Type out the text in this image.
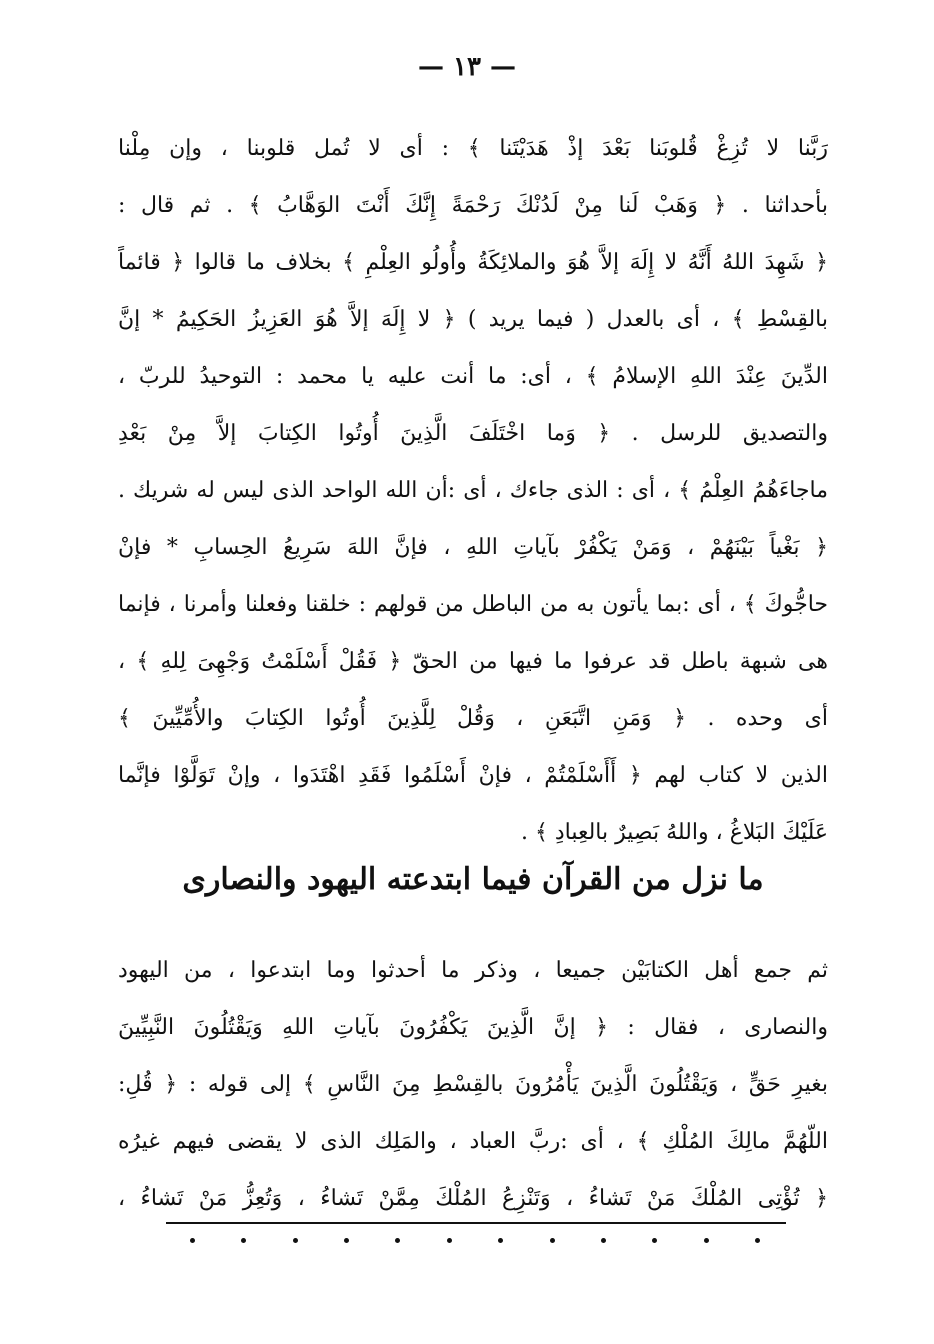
— ١٣ —
رَبَّنا لا تُزِغْ قُلوبَنا بَعْدَ إذْ هَدَيْتَنا ﴾ : أى لا تُمل قلوبنا ، وإن مِلْنا
بأحداثنا . ﴿ وَهَبْ لَنا مِنْ لَدُنْكَ رَحْمَةً إِنَّكَ أَنْتَ الوَهَّابُ ﴾ . ثم قال :
﴿ شَهِدَ اللهُ أَنَّهُ لا إِلَهَ إلاَّ هُوَ والملائِكَةُ وأُولُو العِلْمِ ﴾ بخلاف ما قالوا ﴿ قائماً
بالقِسْطِ ﴾ ، أى بالعدل ( فيما يريد ) ﴿ لا إِلَهَ إلاَّ هُوَ العَزِيزُ الحَكِيمُ * إنَّ
الدِّينَ عِنْدَ اللهِ الإسلامُ ﴾ ، أى: ما أنت عليه يا محمد : التوحيدُ للربّ ،
والتصديق للرسل . ﴿ وَما اخْتَلَفَ الَّذِينَ أُوتُوا الكِتابَ إلاَّ مِنْ بَعْدِ
ماجاءَهُمُ العِلْمُ ﴾ ، أى : الذى جاءك ، أى :أن الله الواحد الذى ليس له شريك .
﴿ بَغْياً بَيْنَهُمْ ، وَمَنْ يَكْفُرْ بآياتِ اللهِ ، فإنَّ اللهَ سَرِيعُ الحِسابِ * فإنْ
حاجُّوكَ ﴾ ، أى :بما يأتون به من الباطل من قولهم : خلقنا وفعلنا وأمرنا ، فإنما
هى شبهة باطل قد عرفوا ما فيها من الحقّ ﴿ فَقُلْ أَسْلَمْتُ وَجْهِىَ لِلهِ ﴾ ،
أى وحده . ﴿ وَمَنِ اتَّبَعَنِ ، وَقُلْ لِلَّذِينَ أُوتُوا الكِتابَ والأُمِّيِّينَ ﴾
الذين لا كتاب لهم ﴿ أَأَسْلَمْتُمْ ، فإنْ أَسْلَمُوا فَقَدِ اهْتَدَوا ، وإنْ تَوَلَّوْا فإنَّما
عَلَيْكَ البَلاغُ ، واللهُ بَصِيرٌ بالعِبادِ ﴾ .
ما نزل من القرآن فيما ابتدعته اليهود والنصارى
ثم جمع أهل الكتابَيْن جميعا ، وذكر ما أحدثوا وما ابتدعوا ، من اليهود
والنصارى ، فقال : ﴿ إنَّ الَّذِينَ يَكْفُرُونَ بآياتِ اللهِ وَيَقْتُلُونَ النَّبِيِّينَ
بغيرِ حَقٍّ ، وَيَقْتُلُونَ الَّذِينَ يَأْمُرُونَ بالقِسْطِ مِنَ النَّاسِ ﴾ إلى قوله : ﴿ قُلِ:
اللّهُمَّ مالِكَ المُلْكِ ﴾ ، أى :ربَّ العباد ، والمَلِك الذى لا يقضى فيهم غيرُه
﴿ تُؤْتِى المُلْكَ مَنْ تَشاءُ ، وَتَنْزِعُ المُلْكَ مِمَّنْ تَشاءُ ، وَتُعِزُّ مَنْ تَشاءُ ،
